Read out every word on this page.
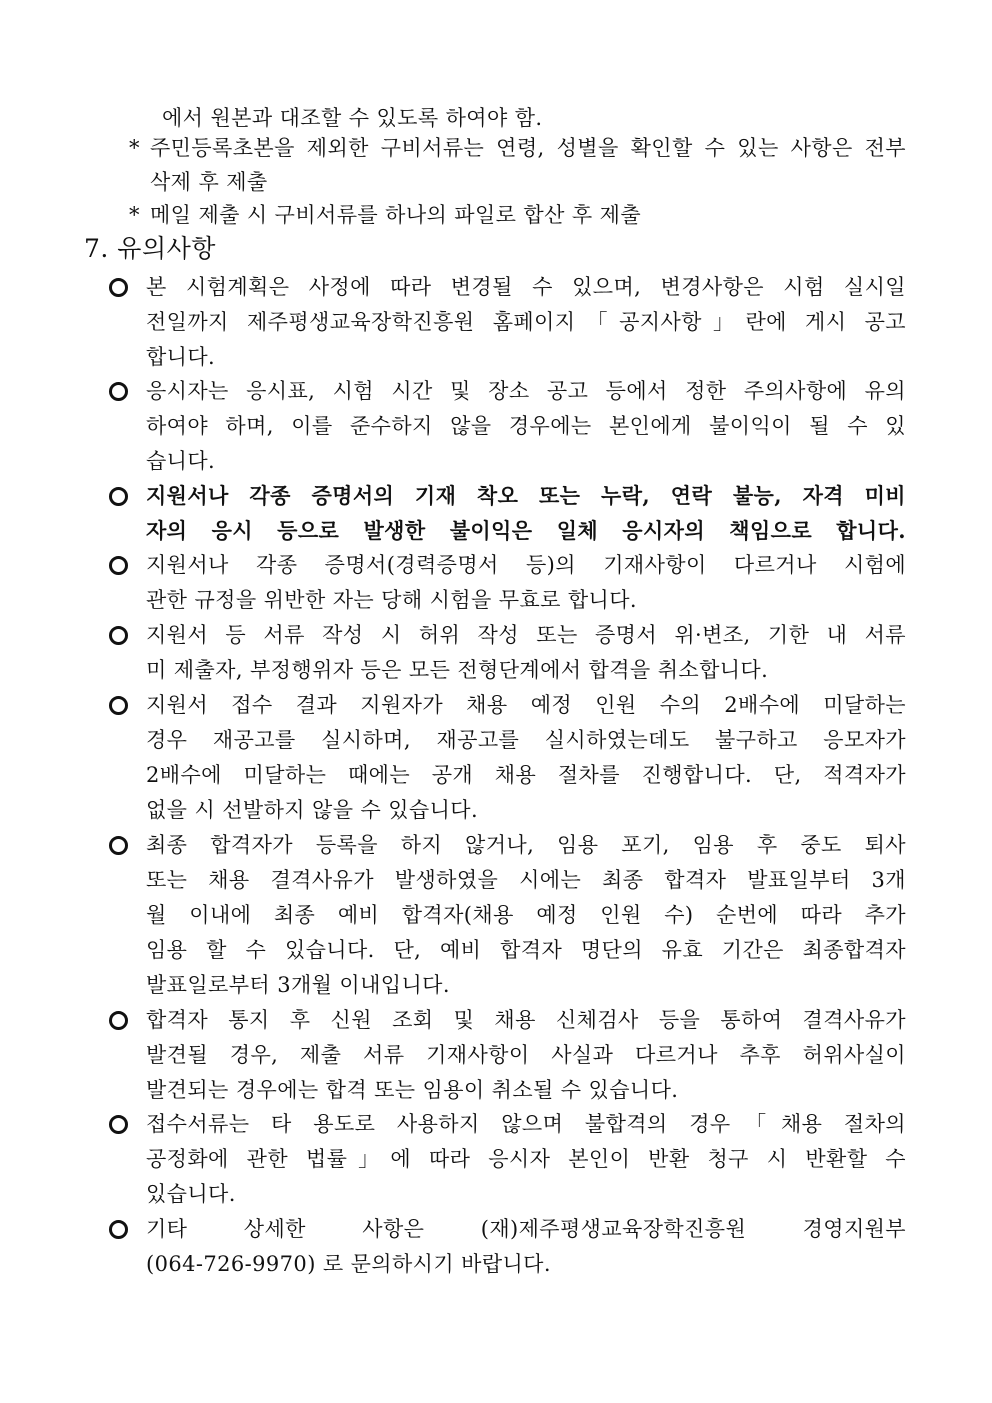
에서 원본과 대조할 수 있도록 하여야 함.
* 주민등록초본을 제외한 구비서류는 연령, 성별을 확인할 수 있는 사항은 전부
삭제 후 제출
* 메일 제출 시 구비서류를 하나의 파일로 합산 후 제출
7. 유의사항
본 시험계획은 사정에 따라 변경될 수 있으며, 변경사항은 시험 실시일
전일까지 제주평생교육장학진흥원 홈페이지「공지사항」란에 게시 공고
합니다.
응시자는 응시표, 시험 시간 및 장소 공고 등에서 정한 주의사항에 유의
하여야 하며, 이를 준수하지 않을 경우에는 본인에게 불이익이 될 수 있
습니다.
지원서나 각종 증명서의 기재 착오 또는 누락, 연락 불능, 자격 미비
자의 응시 등으로 발생한 불이익은 일체 응시자의 책임으로 합니다.
지원서나 각종 증명서(경력증명서 등)의 기재사항이 다르거나 시험에
관한 규정을 위반한 자는 당해 시험을 무효로 합니다.
지원서 등 서류 작성 시 허위 작성 또는 증명서 위·변조, 기한 내 서류
미 제출자, 부정행위자 등은 모든 전형단계에서 합격을 취소합니다.
지원서 접수 결과 지원자가 채용 예정 인원 수의 2배수에 미달하는
경우 재공고를 실시하며, 재공고를 실시하였는데도 불구하고 응모자가
2배수에 미달하는 때에는 공개 채용 절차를 진행합니다. 단, 적격자가
없을 시 선발하지 않을 수 있습니다.
최종 합격자가 등록을 하지 않거나, 임용 포기, 임용 후 중도 퇴사
또는 채용 결격사유가 발생하였을 시에는 최종 합격자 발표일부터 3개
월 이내에 최종 예비 합격자(채용 예정 인원 수) 순번에 따라 추가
임용 할 수 있습니다. 단, 예비 합격자 명단의 유효 기간은 최종합격자
발표일로부터 3개월 이내입니다.
합격자 통지 후 신원 조회 및 채용 신체검사 등을 통하여 결격사유가
발견될 경우, 제출 서류 기재사항이 사실과 다르거나 추후 허위사실이
발견되는 경우에는 합격 또는 임용이 취소될 수 있습니다.
접수서류는 타 용도로 사용하지 않으며 불합격의 경우「채용 절차의
공정화에 관한 법률」에 따라 응시자 본인이 반환 청구 시 반환할 수
있습니다.
기타  상세한  사항은  (재)제주평생교육장학진흥원  경영지원부
(064-726-9970) 로 문의하시기 바랍니다.
